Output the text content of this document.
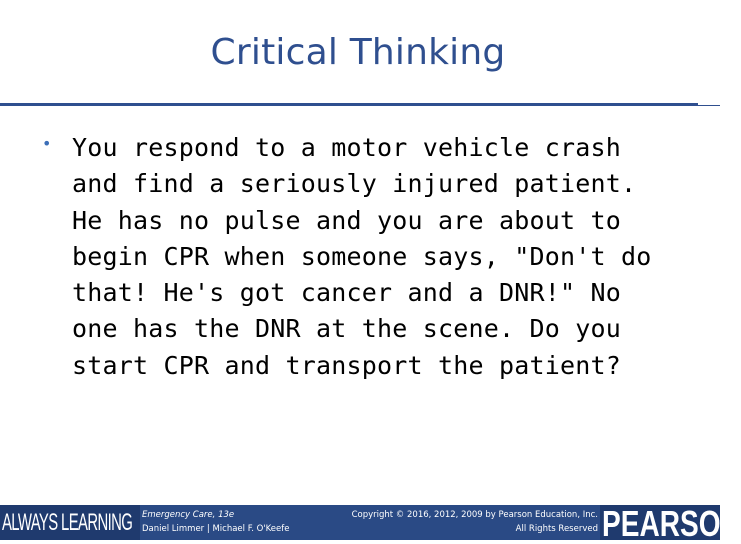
Critical Thinking
• You respond to a motor vehicle crash and find a seriously injured patient. He has no pulse and you are about to begin CPR when someone says, "Don't do that! He's got cancer and a DNR!" No one has the DNR at the scene. Do you start CPR and transport the patient?

ALWAYS LEARNING	Emergency Care, 13e
Daniel Limmer | Michael F. O'Keefe
Copyright © 2016, 2012, 2009 by Pearson Education, Inc.
All Rights Reserved PEARSON
